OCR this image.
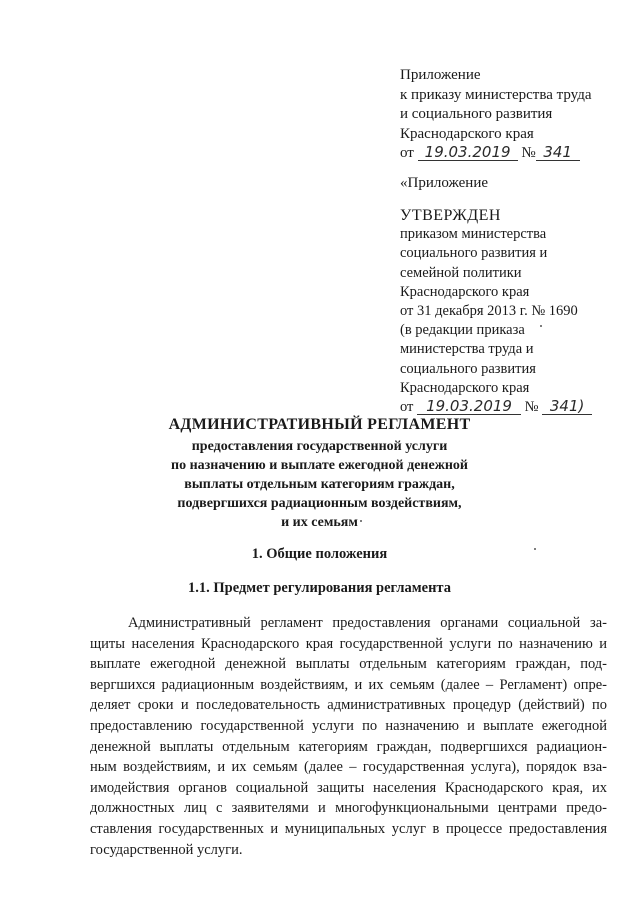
Приложение
к приказу министерства труда
и социального развития
Краснодарского края
от 19.03.2019 № 341
«Приложение
УТВЕРЖДЕН
приказом министерства
социального развития и
семейной политики
Краснодарского края
от 31 декабря 2013 г. № 1690
(в редакции приказа
министерства труда и
социального развития
Краснодарского края
от 19.03.2019 № 341)
АДМИНИСТРАТИВНЫЙ РЕГЛАМЕНТ
предоставления государственной услуги
по назначению и выплате ежегодной денежной
выплаты отдельным категориям граждан,
подвергшихся радиационным воздействиям,
и их семьям
1. Общие положения
1.1. Предмет регулирования регламента
Административный регламент предоставления органами социальной за-
щиты населения Краснодарского края государственной услуги по назначению и
выплате ежегодной денежной выплаты отдельным категориям граждан, под-
вергшихся радиационным воздействиям, и их семьям (далее – Регламент) опре-
деляет сроки и последовательность административных процедур (действий) по
предоставлению государственной услуги по назначению и выплате ежегодной
денежной выплаты отдельным категориям граждан, подвергшихся радиацион-
ным воздействиям, и их семьям (далее – государственная услуга), порядок вза-
имодействия органов социальной защиты населения Краснодарского края, их
должностных лиц с заявителями и многофункциональными центрами предо-
ставления государственных и муниципальных услуг в процессе предоставления
государственной услуги.
